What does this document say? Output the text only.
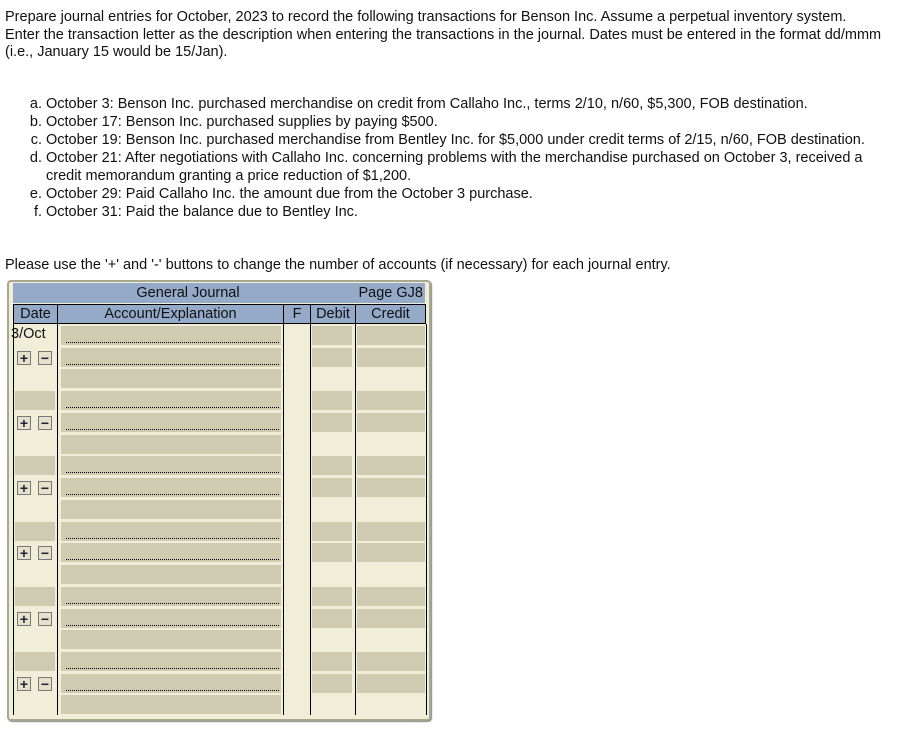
Prepare journal entries for October, 2023 to record the following transactions for Benson Inc. Assume a perpetual inventory system.
Enter the transaction letter as the description when entering the transactions in the journal. Dates must be entered in the format dd/mmm (i.e., January 15 would be 15/Jan).
a. October 3: Benson Inc. purchased merchandise on credit from Callaho Inc., terms 2/10, n/60, $5,300, FOB destination.
b. October 17: Benson Inc. purchased supplies by paying $500.
c. October 19: Benson Inc. purchased merchandise from Bentley Inc. for $5,000 under credit terms of 2/15, n/60, FOB destination.
d. October 21: After negotiations with Callaho Inc. concerning problems with the merchandise purchased on October 3, received a credit memorandum granting a price reduction of $1,200.
e. October 29: Paid Callaho Inc. the amount due from the October 3 purchase.
f. October 31: Paid the balance due to Bentley Inc.
Please use the '+' and '-' buttons to change the number of accounts (if necessary) for each journal entry.
General Journal	Page GJ8
Date	Account/Explanation	F	Debit	Credit
3/Oct
+ −
+ −
+ −
+ −
+ −
+ −
